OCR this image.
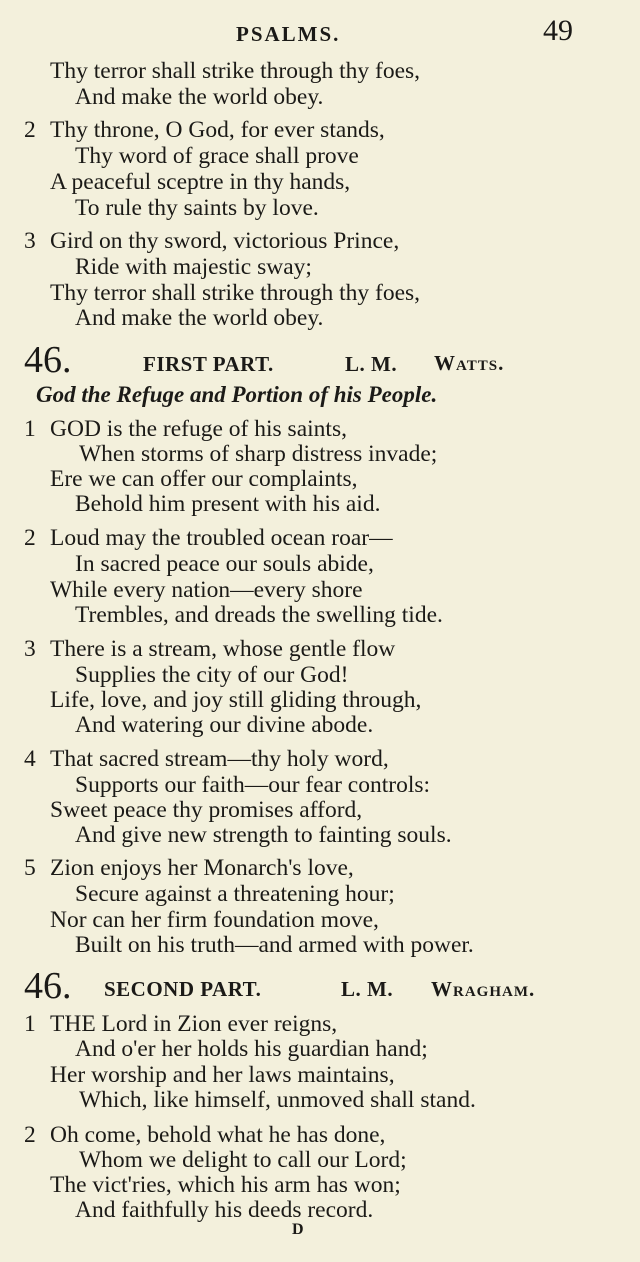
PSALMS.	49
Thy terror shall strike through thy foes,
And make the world obey.
2 Thy throne, O God, for ever stands,
Thy word of grace shall prove
A peaceful sceptre in thy hands,
To rule thy saints by love.
3 Gird on thy sword, victorious Prince,
Ride with majestic sway;
Thy terror shall strike through thy foes,
And make the world obey.
46.	FIRST PART.	L. M. Watts.
God the Refuge and Portion of his People.
1 GOD is the refuge of his saints,
When storms of sharp distress invade;
Ere we can offer our complaints,
Behold him present with his aid.
2 Loud may the troubled ocean roar—
In sacred peace our souls abide,
While every nation—every shore
Trembles, and dreads the swelling tide.
3 There is a stream, whose gentle flow
Supplies the city of our God!
Life, love, and joy still gliding through,
And watering our divine abode.
4 That sacred stream—thy holy word,
Supports our faith—our fear controls:
Sweet peace thy promises afford,
And give new strength to fainting souls.
5 Zion enjoys her Monarch's love,
Secure against a threatening hour;
Nor can her firm foundation move,
Built on his truth—and armed with power.
46. SECOND PART.	L. M. Wragham.
1 THE Lord in Zion ever reigns,
And o'er her holds his guardian hand;
Her worship and her laws maintains,
Which, like himself, unmoved shall stand.
2 Oh come, behold what he has done,
Whom we delight to call our Lord;
The vict'ries, which his arm has won;
And faithfully his deeds record.
D
